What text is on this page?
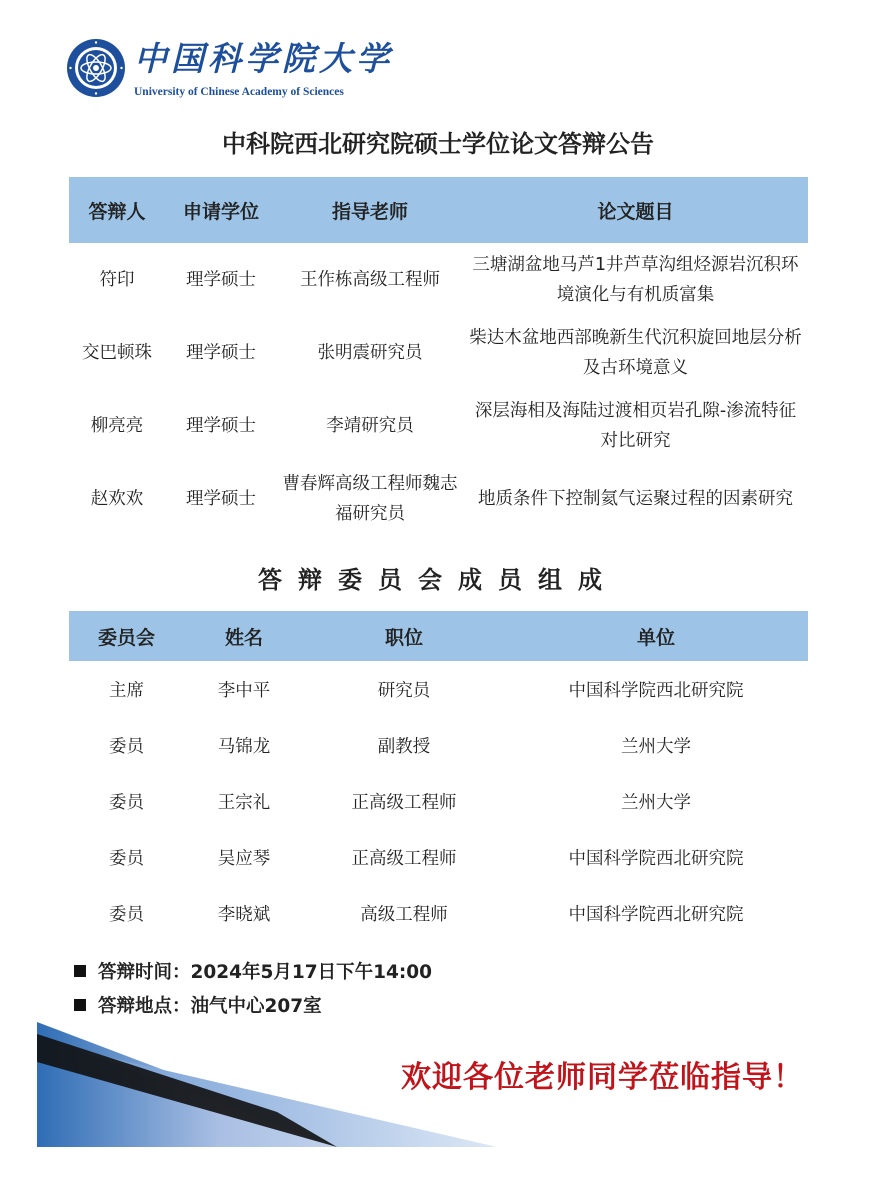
中国科学院大学
University of Chinese Academy of Sciences
中科院西北研究院硕士学位论文答辩公告
答辩人	申请学位	指导老师	论文题目
符印	理学硕士	王作栋高级工程师	三塘湖盆地马芦1井芦草沟组烃源岩沉积环境演化与有机质富集
交巴顿珠	理学硕士	张明震研究员	柴达木盆地西部晚新生代沉积旋回地层分析及古环境意义
柳亮亮	理学硕士	李靖研究员	深层海相及海陆过渡相页岩孔隙-渗流特征对比研究
赵欢欢	理学硕士	曹春辉高级工程师魏志福研究员	地质条件下控制氦气运聚过程的因素研究
答辩委员会成员组成
委员会	姓名	职位	单位
主席	李中平	研究员	中国科学院西北研究院
委员	马锦龙	副教授	兰州大学
委员	王宗礼	正高级工程师	兰州大学
委员	吴应琴	正高级工程师	中国科学院西北研究院
委员	李晓斌	高级工程师	中国科学院西北研究院
答辩时间：2024年5月17日下午14:00
答辩地点：油气中心207室
欢迎各位老师同学莅临指导！
